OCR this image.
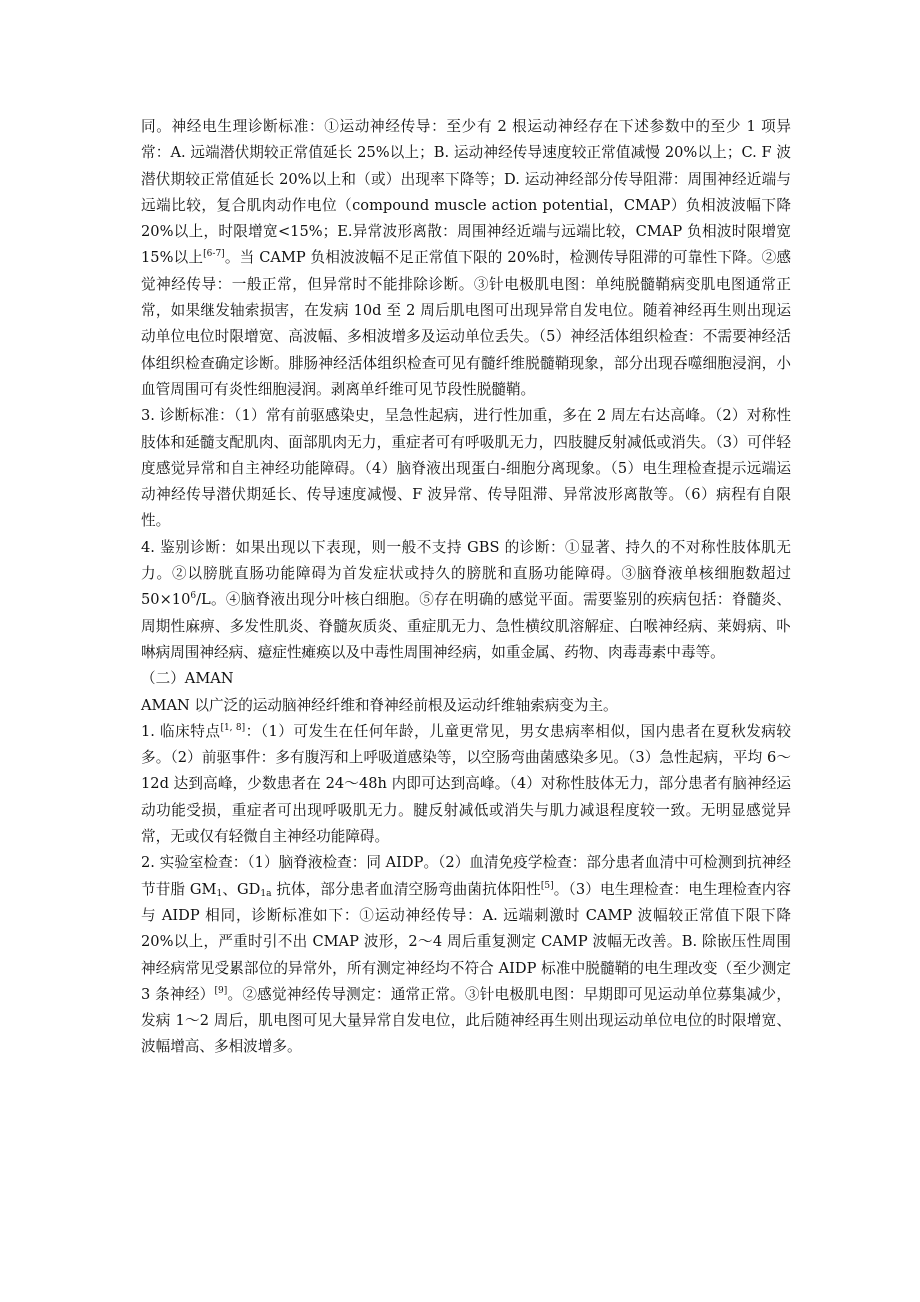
同。神经电生理诊断标准：①运动神经传导：至少有 2 根运动神经存在下述参数中的至少 1 项异常：A. 远端潜伏期较正常值延长 25%以上；B. 运动神经传导速度较正常值减慢 20%以上；C. F 波潜伏期较正常值延长 20%以上和（或）出现率下降等；D. 运动神经部分传导阻滞：周围神经近端与远端比较，复合肌肉动作电位（compound muscle action potential，CMAP）负相波波幅下降 20%以上，时限增宽<15%；E.异常波形离散：周围神经近端与远端比较，CMAP 负相波时限增宽 15%以上[6-7]。当 CAMP 负相波波幅不足正常值下限的 20%时，检测传导阻滞的可靠性下降。②感觉神经传导：一般正常，但异常时不能排除诊断。③针电极肌电图：单纯脱髓鞘病变肌电图通常正常，如果继发轴索损害，在发病 10d 至 2 周后肌电图可出现异常自发电位。随着神经再生则出现运动单位电位时限增宽、高波幅、多相波增多及运动单位丢失。（5）神经活体组织检查：不需要神经活体组织检查确定诊断。腓肠神经活体组织检查可见有髓纤维脱髓鞘现象，部分出现吞噬细胞浸润，小血管周围可有炎性细胞浸润。剥离单纤维可见节段性脱髓鞘。

3. 诊断标准：（1）常有前驱感染史，呈急性起病，进行性加重，多在 2 周左右达高峰。（2）对称性肢体和延髓支配肌肉、面部肌肉无力，重症者可有呼吸肌无力，四肢腱反射减低或消失。（3）可伴轻度感觉异常和自主神经功能障碍。（4）脑脊液出现蛋白-细胞分离现象。（5）电生理检查提示远端运动神经传导潜伏期延长、传导速度减慢、F 波异常、传导阻滞、异常波形离散等。（6）病程有自限性。

4. 鉴别诊断：如果出现以下表现，则一般不支持 GBS 的诊断：①显著、持久的不对称性肢体肌无力。②以膀胱直肠功能障碍为首发症状或持久的膀胱和直肠功能障碍。③脑脊液单核细胞数超过 $50\times 10^6/L$。④脑脊液出现分叶核白细胞。⑤存在明确的感觉平面。需要鉴别的疾病包括：脊髓炎、周期性麻痹、多发性肌炎、脊髓灰质炎、重症肌无力、急性横纹肌溶解症、白喉神经病、莱姆病、卟啉病周围神经病、癔症性瘫痪以及中毒性周围神经病，如重金属、药物、肉毒毒素中毒等。

（二）AMAN

AMAN 以广泛的运动脑神经纤维和脊神经前根及运动纤维轴索病变为主。

1. 临床特点[1, 8]：（1）可发生在任何年龄，儿童更常见，男女患病率相似，国内患者在夏秋发病较多。（2）前驱事件：多有腹泻和上呼吸道感染等，以空肠弯曲菌感染多见。（3）急性起病，平均 6～12d 达到高峰，少数患者在 24～48h 内即可达到高峰。（4）对称性肢体无力，部分患者有脑神经运动功能受损，重症者可出现呼吸肌无力。腱反射减低或消失与肌力减退程度较一致。无明显感觉异常，无或仅有轻微自主神经功能障碍。

2. 实验室检查：（1）脑脊液检查：同 AIDP。（2）血清免疫学检查：部分患者血清中可检测到抗神经节苷脂 $GM_1$、$GD_{1a}$ 抗体，部分患者血清空肠弯曲菌抗体阳性[5]。（3）电生理检查：电生理检查内容与 AIDP 相同，诊断标准如下：①运动神经传导：A. 远端刺激时 CAMP 波幅较正常值下限下降 20%以上，严重时引不出 CMAP 波形，2～4 周后重复测定 CAMP 波幅无改善。B. 除嵌压性周围神经病常见受累部位的异常外，所有测定神经均不符合 AIDP 标准中脱髓鞘的电生理改变（至少测定 3 条神经）[9]。②感觉神经传导测定：通常正常。③针电极肌电图：早期即可见运动单位募集减少，发病 1～2 周后，肌电图可见大量异常自发电位，此后随神经再生则出现运动单位电位的时限增宽、波幅增高、多相波增多。
